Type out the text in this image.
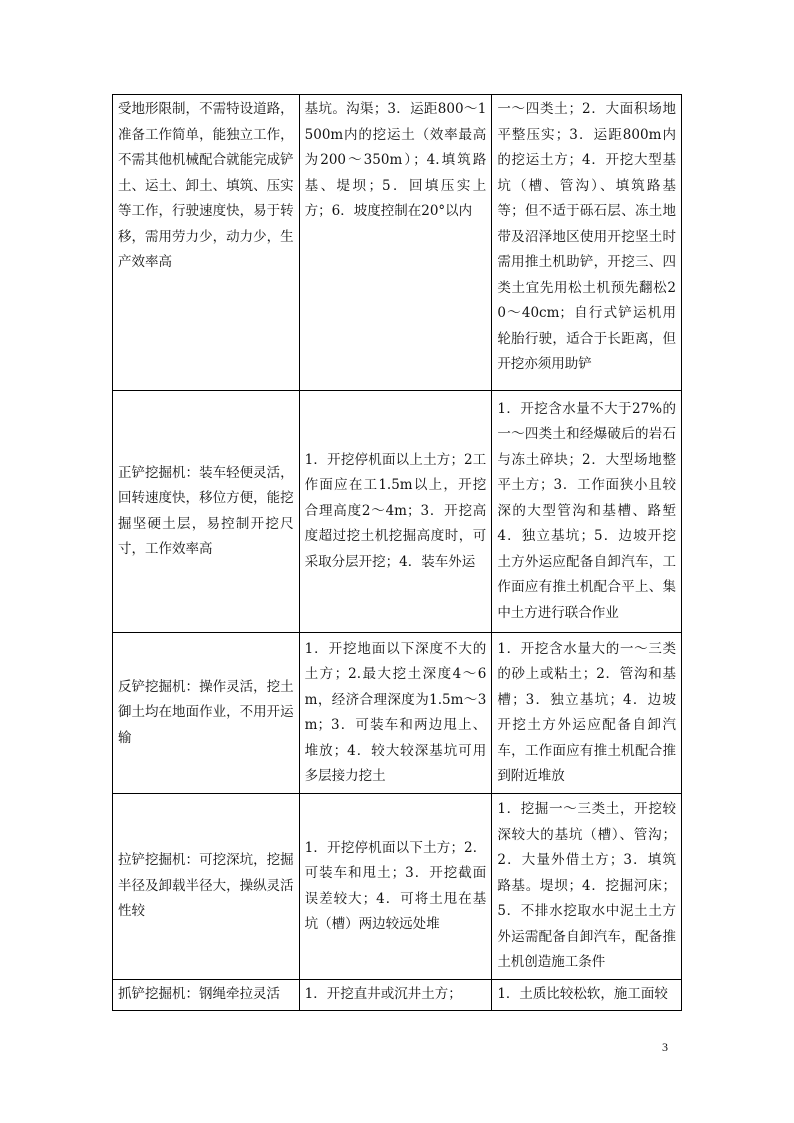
受地形限制，不需特设道路，准备工作简单，能独立工作，不需其他机械配合就能完成铲土、运土、卸土、填筑、压实等工作，行驶速度快，易于转移，需用劳力少，动力少，生产效率高	基坑。沟渠；3．运距800～1500m内的挖运土（效率最高为200～350m）；4.填筑路基、堤坝；5．回填压实上方；6．坡度控制在20°以内	一～四类土；2．大面积场地平整压实；3．运距800m内的挖运土方；4．开挖大型基坑（槽、管沟）、填筑路基等；但不适于砾石层、冻土地带及沼泽地区使用开挖坚土时需用推土机助铲，开挖三、四类土宜先用松土机预先翻松20～40cm；自行式铲运机用轮胎行驶，适合于长距离，但开挖亦须用助铲
正铲挖掘机：装车轻便灵活，回转速度快，移位方便，能挖掘坚硬土层，易控制开挖尺寸，工作效率高	1．开挖停机面以上土方；2工作面应在工1.5m以上，开挖合理高度2～4m；3．开挖高度超过挖土机挖掘高度时，可采取分层开挖；4．装车外运	1．开挖含水量不大于27%的一～四类土和经爆破后的岩石与冻土碎块；2．大型场地整平土方；3．工作面狭小且较深的大型管沟和基槽、路堑4．独立基坑；5．边坡开挖土方外运应配备自卸汽车，工作面应有推土机配合平上、集中土方进行联合作业
反铲挖掘机：操作灵活，挖土御土均在地面作业，不用开运输	1．开挖地面以下深度不大的土方；2.最大挖土深度4～6m，经济合理深度为1.5m～3m；3．可装车和两边甩上、堆放；4．较大较深基坑可用多层接力挖土	1．开挖含水量大的一～三类的砂上或粘土；2．管沟和基槽；3．独立基坑；4．边坡开挖土方外运应配备自卸汽车，工作面应有推土机配合推到附近堆放
拉铲挖掘机：可挖深坑，挖掘半径及卸载半径大，操纵灵活性较	1．开挖停机面以下土方；2．可装车和甩土；3．开挖截面误差较大；4．可将土甩在基坑（槽）两边较远处堆	1．挖掘一～三类土，开挖较深较大的基坑（槽）、管沟；2．大量外借土方；3．填筑路基。堤坝；4．挖掘河床；5．不排水挖取水中泥土土方外运需配备自卸汽车，配备推土机创造施工条件
抓铲挖掘机：钢绳牵拉灵活	1．开挖直井或沉井土方；	1．土质比较松软，施工面较
3
